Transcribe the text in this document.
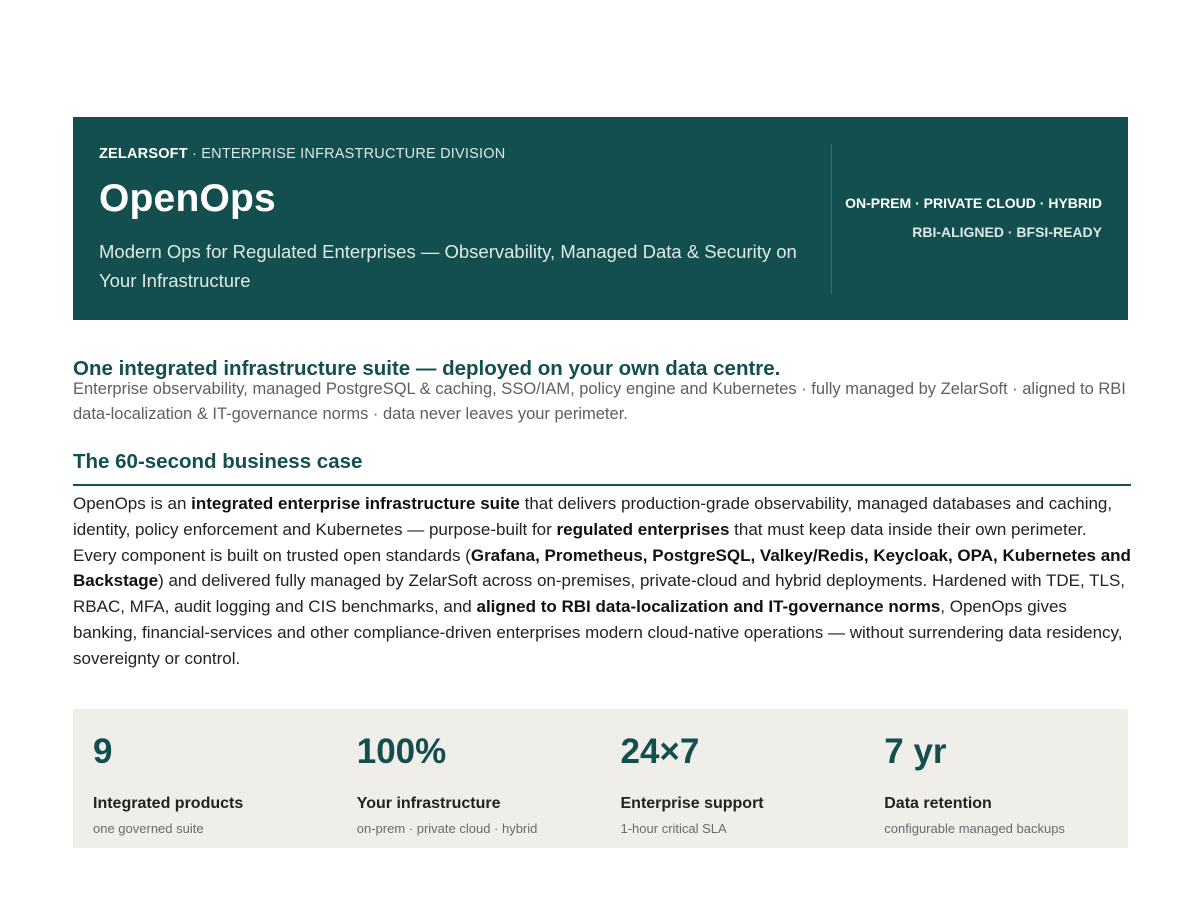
ZELARSOFT · ENTERPRISE INFRASTRUCTURE DIVISION
OpenOps
Modern Ops for Regulated Enterprises — Observability, Managed Data & Security on Your Infrastructure
ON-PREM · PRIVATE CLOUD · HYBRID
RBI-ALIGNED · BFSI-READY
One integrated infrastructure suite — deployed on your own data centre.

Enterprise observability, managed PostgreSQL & caching, SSO/IAM, policy engine and Kubernetes · fully managed by ZelarSoft · aligned to RBI data-localization & IT-governance norms · data never leaves your perimeter.

The 60-second business case

OpenOps is an integrated enterprise infrastructure suite that delivers production-grade observability, managed databases and caching, identity, policy enforcement and Kubernetes — purpose-built for regulated enterprises that must keep data inside their own perimeter. Every component is built on trusted open standards (Grafana, Prometheus, PostgreSQL, Valkey/Redis, Keycloak, OPA, Kubernetes and Backstage) and delivered fully managed by ZelarSoft across on-premises, private-cloud and hybrid deployments. Hardened with TDE, TLS, RBAC, MFA, audit logging and CIS benchmarks, and aligned to RBI data-localization and IT-governance norms, OpenOps gives banking, financial-services and other compliance-driven enterprises modern cloud-native operations — without surrendering data residency, sovereignty or control.

9
Integrated products
one governed suite
100%
Your infrastructure
on-prem · private cloud · hybrid
24×7
Enterprise support
1-hour critical SLA
7 yr
Data retention
configurable managed backups
